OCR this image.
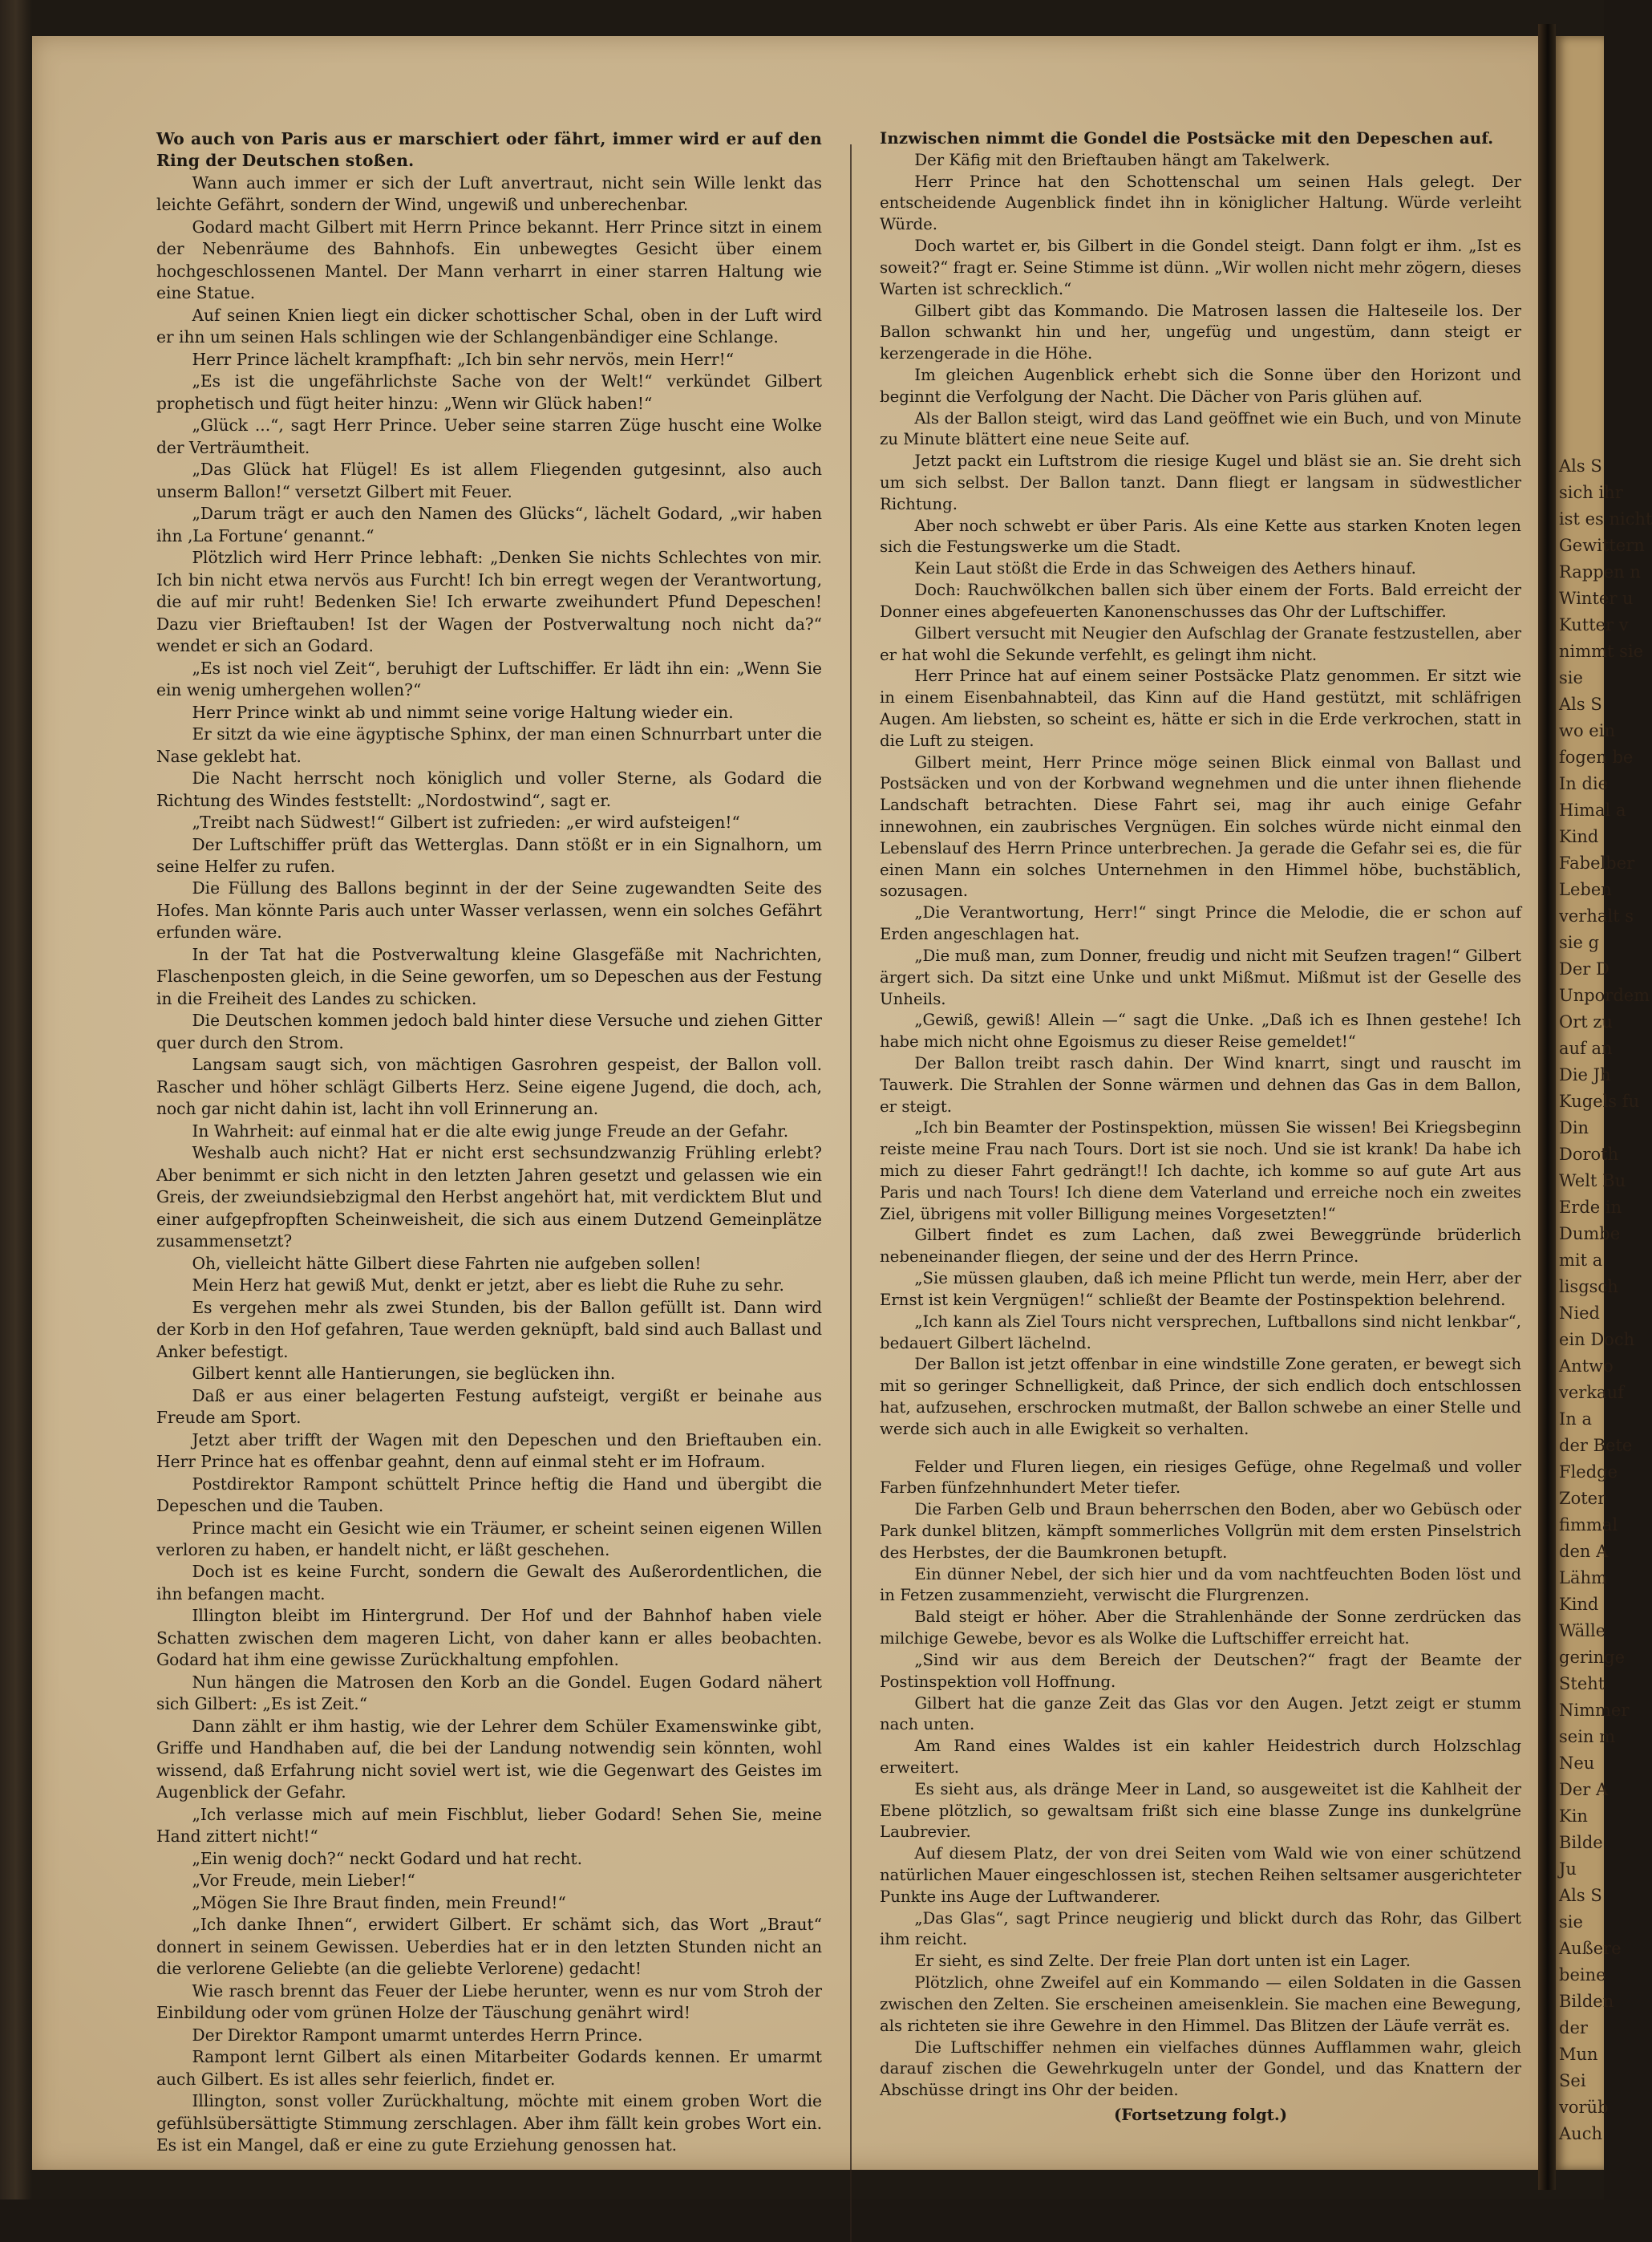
Als S
sich ihr
ist es nicht
Gewittern
Rappen n
Winter u
Kutter v
nimmt sie
sie
Als S
wo ein
fogen be
In die
Himal a
Kind
Fabelber
Leben
verhalt s
sie g
Der D
Unpordem
Ort zu
auf an
Die Jh
Kugels fu
Din
Doroth
Welt Bu
Erde in
Dumbe
mit a
lisgsch
Nied
ein Doch
Antwo
verkauf
In a
der Bete
Fledge
Zoter
fimmal
den A
Lähm
Kind
Wälle
geringe
Steht
Nimmer
sein m
Neu
Der A
Kin
Bilde
Ju
Als S
sie
Außere
beine
Bilden
der
Mun
Sei
vorüb
Auch

Wo auch von Paris aus er marschiert oder fährt, immer wird er auf den Ring der Deutschen stoßen.

Wann auch immer er sich der Luft anvertraut, nicht sein Wille lenkt das leichte Gefährt, sondern der Wind, ungewiß und unberechenbar.

Godard macht Gilbert mit Herrn Prince bekannt. Herr Prince sitzt in einem der Nebenräume des Bahnhofs. Ein unbewegtes Gesicht über einem hochgeschlossenen Mantel. Der Mann verharrt in einer starren Haltung wie eine Statue.

Auf seinen Knien liegt ein dicker schottischer Schal, oben in der Luft wird er ihn um seinen Hals schlingen wie der Schlangenbändiger eine Schlange.

Herr Prince lächelt krampfhaft: „Ich bin sehr nervös, mein Herr!“

„Es ist die ungefährlichste Sache von der Welt!“ verkündet Gilbert prophetisch und fügt heiter hinzu: „Wenn wir Glück haben!“

„Glück ...“, sagt Herr Prince. Ueber seine starren Züge huscht eine Wolke der Verträumtheit.

„Das Glück hat Flügel! Es ist allem Fliegenden gutgesinnt, also auch unserm Ballon!“ versetzt Gilbert mit Feuer.

„Darum trägt er auch den Namen des Glücks“, lächelt Godard, „wir haben ihn ‚La Fortune‘ genannt.“

Plötzlich wird Herr Prince lebhaft: „Denken Sie nichts Schlechtes von mir. Ich bin nicht etwa nervös aus Furcht! Ich bin erregt wegen der Verantwortung, die auf mir ruht! Bedenken Sie! Ich erwarte zweihundert Pfund Depeschen! Dazu vier Brieftauben! Ist der Wagen der Postverwaltung noch nicht da?“ wendet er sich an Godard.

„Es ist noch viel Zeit“, beruhigt der Luftschiffer. Er lädt ihn ein: „Wenn Sie ein wenig umhergehen wollen?“

Herr Prince winkt ab und nimmt seine vorige Haltung wieder ein.

Er sitzt da wie eine ägyptische Sphinx, der man einen Schnurrbart unter die Nase geklebt hat.

Die Nacht herrscht noch königlich und voller Sterne, als Godard die Richtung des Windes feststellt: „Nordostwind“, sagt er.

„Treibt nach Südwest!“ Gilbert ist zufrieden: „er wird aufsteigen!“

Der Luftschiffer prüft das Wetterglas. Dann stößt er in ein Signalhorn, um seine Helfer zu rufen.

Die Füllung des Ballons beginnt in der der Seine zugewandten Seite des Hofes. Man könnte Paris auch unter Wasser verlassen, wenn ein solches Gefährt erfunden wäre.

In der Tat hat die Postverwaltung kleine Glasgefäße mit Nachrichten, Flaschenposten gleich, in die Seine geworfen, um so Depeschen aus der Festung in die Freiheit des Landes zu schicken.

Die Deutschen kommen jedoch bald hinter diese Versuche und ziehen Gitter quer durch den Strom.

Langsam saugt sich, von mächtigen Gasrohren gespeist, der Ballon voll. Rascher und höher schlägt Gilberts Herz. Seine eigene Jugend, die doch, ach, noch gar nicht dahin ist, lacht ihn voll Erinnerung an.

In Wahrheit: auf einmal hat er die alte ewig junge Freude an der Gefahr.

Weshalb auch nicht? Hat er nicht erst sechsundzwanzig Frühling erlebt? Aber benimmt er sich nicht in den letzten Jahren gesetzt und gelassen wie ein Greis, der zweiundsiebzigmal den Herbst angehört hat, mit verdicktem Blut und einer aufgepfropften Scheinweisheit, die sich aus einem Dutzend Gemeinplätze zusammensetzt?

Oh, vielleicht hätte Gilbert diese Fahrten nie aufgeben sollen!

Mein Herz hat gewiß Mut, denkt er jetzt, aber es liebt die Ruhe zu sehr.

Es vergehen mehr als zwei Stunden, bis der Ballon gefüllt ist. Dann wird der Korb in den Hof gefahren, Taue werden geknüpft, bald sind auch Ballast und Anker befestigt.

Gilbert kennt alle Hantierungen, sie beglücken ihn.

Daß er aus einer belagerten Festung aufsteigt, vergißt er beinahe aus Freude am Sport.

Jetzt aber trifft der Wagen mit den Depeschen und den Brieftauben ein. Herr Prince hat es offenbar geahnt, denn auf einmal steht er im Hofraum.

Postdirektor Rampont schüttelt Prince heftig die Hand und übergibt die Depeschen und die Tauben.

Prince macht ein Gesicht wie ein Träumer, er scheint seinen eigenen Willen verloren zu haben, er handelt nicht, er läßt geschehen.

Doch ist es keine Furcht, sondern die Gewalt des Außerordentlichen, die ihn befangen macht.

Illington bleibt im Hintergrund. Der Hof und der Bahnhof haben viele Schatten zwischen dem mageren Licht, von daher kann er alles beobachten. Godard hat ihm eine gewisse Zurückhaltung empfohlen.

Nun hängen die Matrosen den Korb an die Gondel. Eugen Godard nähert sich Gilbert: „Es ist Zeit.“

Dann zählt er ihm hastig, wie der Lehrer dem Schüler Examenswinke gibt, Griffe und Handhaben auf, die bei der Landung notwendig sein könnten, wohl wissend, daß Erfahrung nicht soviel wert ist, wie die Gegenwart des Geistes im Augenblick der Gefahr.

„Ich verlasse mich auf mein Fischblut, lieber Godard! Sehen Sie, meine Hand zittert nicht!“

„Ein wenig doch?“ neckt Godard und hat recht.

„Vor Freude, mein Lieber!“

„Mögen Sie Ihre Braut finden, mein Freund!“

„Ich danke Ihnen“, erwidert Gilbert. Er schämt sich, das Wort „Braut“ donnert in seinem Gewissen. Ueberdies hat er in den letzten Stunden nicht an die verlorene Geliebte (an die geliebte Verlorene) gedacht!

Wie rasch brennt das Feuer der Liebe herunter, wenn es nur vom Stroh der Einbildung oder vom grünen Holze der Täuschung genährt wird!

Der Direktor Rampont umarmt unterdes Herrn Prince.

Rampont lernt Gilbert als einen Mitarbeiter Godards kennen. Er umarmt auch Gilbert. Es ist alles sehr feierlich, findet er.

Illington, sonst voller Zurückhaltung, möchte mit einem groben Wort die gefühlsübersättigte Stimmung zerschlagen. Aber ihm fällt kein grobes Wort ein. Es ist ein Mangel, daß er eine zu gute Erziehung genossen hat.

Inzwischen nimmt die Gondel die Postsäcke mit den Depeschen auf.

Der Käfig mit den Brieftauben hängt am Takelwerk.

Herr Prince hat den Schottenschal um seinen Hals gelegt. Der entscheidende Augenblick findet ihn in königlicher Haltung. Würde verleiht Würde.

Doch wartet er, bis Gilbert in die Gondel steigt. Dann folgt er ihm. „Ist es soweit?“ fragt er. Seine Stimme ist dünn. „Wir wollen nicht mehr zögern, dieses Warten ist schrecklich.“

Gilbert gibt das Kommando. Die Matrosen lassen die Halteseile los. Der Ballon schwankt hin und her, ungefüg und ungestüm, dann steigt er kerzengerade in die Höhe.

Im gleichen Augenblick erhebt sich die Sonne über den Horizont und beginnt die Verfolgung der Nacht. Die Dächer von Paris glühen auf.

Als der Ballon steigt, wird das Land geöffnet wie ein Buch, und von Minute zu Minute blättert eine neue Seite auf.

Jetzt packt ein Luftstrom die riesige Kugel und bläst sie an. Sie dreht sich um sich selbst. Der Ballon tanzt. Dann fliegt er langsam in südwestlicher Richtung.

Aber noch schwebt er über Paris. Als eine Kette aus starken Knoten legen sich die Festungswerke um die Stadt.

Kein Laut stößt die Erde in das Schweigen des Aethers hinauf.

Doch: Rauchwölkchen ballen sich über einem der Forts. Bald erreicht der Donner eines abgefeuerten Kanonenschusses das Ohr der Luftschiffer.

Gilbert versucht mit Neugier den Aufschlag der Granate festzustellen, aber er hat wohl die Sekunde verfehlt, es gelingt ihm nicht.

Herr Prince hat auf einem seiner Postsäcke Platz genommen. Er sitzt wie in einem Eisenbahnabteil, das Kinn auf die Hand gestützt, mit schläfrigen Augen. Am liebsten, so scheint es, hätte er sich in die Erde verkrochen, statt in die Luft zu steigen.

Gilbert meint, Herr Prince möge seinen Blick einmal von Ballast und Postsäcken und von der Korbwand wegnehmen und die unter ihnen fliehende Landschaft betrachten. Diese Fahrt sei, mag ihr auch einige Gefahr innewohnen, ein zaubrisches Vergnügen. Ein solches würde nicht einmal den Lebenslauf des Herrn Prince unterbrechen. Ja gerade die Gefahr sei es, die für einen Mann ein solches Unternehmen in den Himmel höbe, buchstäblich, sozusagen.

„Die Verantwortung, Herr!“ singt Prince die Melodie, die er schon auf Erden angeschlagen hat.

„Die muß man, zum Donner, freudig und nicht mit Seufzen tragen!“ Gilbert ärgert sich. Da sitzt eine Unke und unkt Mißmut. Mißmut ist der Geselle des Unheils.

„Gewiß, gewiß! Allein —“ sagt die Unke. „Daß ich es Ihnen gestehe! Ich habe mich nicht ohne Egoismus zu dieser Reise gemeldet!“

Der Ballon treibt rasch dahin. Der Wind knarrt, singt und rauscht im Tauwerk. Die Strahlen der Sonne wärmen und dehnen das Gas in dem Ballon, er steigt.

„Ich bin Beamter der Postinspektion, müssen Sie wissen! Bei Kriegsbeginn reiste meine Frau nach Tours. Dort ist sie noch. Und sie ist krank! Da habe ich mich zu dieser Fahrt gedrängt!! Ich dachte, ich komme so auf gute Art aus Paris und nach Tours! Ich diene dem Vaterland und erreiche noch ein zweites Ziel, übrigens mit voller Billigung meines Vorgesetzten!“

Gilbert findet es zum Lachen, daß zwei Beweggründe brüderlich nebeneinander fliegen, der seine und der des Herrn Prince.

„Sie müssen glauben, daß ich meine Pflicht tun werde, mein Herr, aber der Ernst ist kein Vergnügen!“ schließt der Beamte der Postinspektion belehrend.

„Ich kann als Ziel Tours nicht versprechen, Luftballons sind nicht lenkbar“, bedauert Gilbert lächelnd.

Der Ballon ist jetzt offenbar in eine windstille Zone geraten, er bewegt sich mit so geringer Schnelligkeit, daß Prince, der sich endlich doch entschlossen hat, aufzusehen, erschrocken mutmaßt, der Ballon schwebe an einer Stelle und werde sich auch in alle Ewigkeit so verhalten.

Felder und Fluren liegen, ein riesiges Gefüge, ohne Regelmaß und voller Farben fünfzehnhundert Meter tiefer.

Die Farben Gelb und Braun beherrschen den Boden, aber wo Gebüsch oder Park dunkel blitzen, kämpft sommerliches Vollgrün mit dem ersten Pinselstrich des Herbstes, der die Baumkronen betupft.

Ein dünner Nebel, der sich hier und da vom nachtfeuchten Boden löst und in Fetzen zusammenzieht, verwischt die Flurgrenzen.

Bald steigt er höher. Aber die Strahlenhände der Sonne zerdrücken das milchige Gewebe, bevor es als Wolke die Luftschiffer erreicht hat.

„Sind wir aus dem Bereich der Deutschen?“ fragt der Beamte der Postinspektion voll Hoffnung.

Gilbert hat die ganze Zeit das Glas vor den Augen. Jetzt zeigt er stumm nach unten.

Am Rand eines Waldes ist ein kahler Heidestrich durch Holzschlag erweitert.

Es sieht aus, als dränge Meer in Land, so ausgeweitet ist die Kahlheit der Ebene plötzlich, so gewaltsam frißt sich eine blasse Zunge ins dunkelgrüne Laubrevier.

Auf diesem Platz, der von drei Seiten vom Wald wie von einer schützend natürlichen Mauer eingeschlossen ist, stechen Reihen seltsamer ausgerichteter Punkte ins Auge der Luftwanderer.

„Das Glas“, sagt Prince neugierig und blickt durch das Rohr, das Gilbert ihm reicht.

Er sieht, es sind Zelte. Der freie Plan dort unten ist ein Lager.

Plötzlich, ohne Zweifel auf ein Kommando — eilen Soldaten in die Gassen zwischen den Zelten. Sie erscheinen ameisenklein. Sie machen eine Bewegung, als richteten sie ihre Gewehre in den Himmel. Das Blitzen der Läufe verrät es.

Die Luftschiffer nehmen ein vielfaches dünnes Aufflammen wahr, gleich darauf zischen die Gewehrkugeln unter der Gondel, und das Knattern der Abschüsse dringt ins Ohr der beiden.

(Fortsetzung folgt.)
